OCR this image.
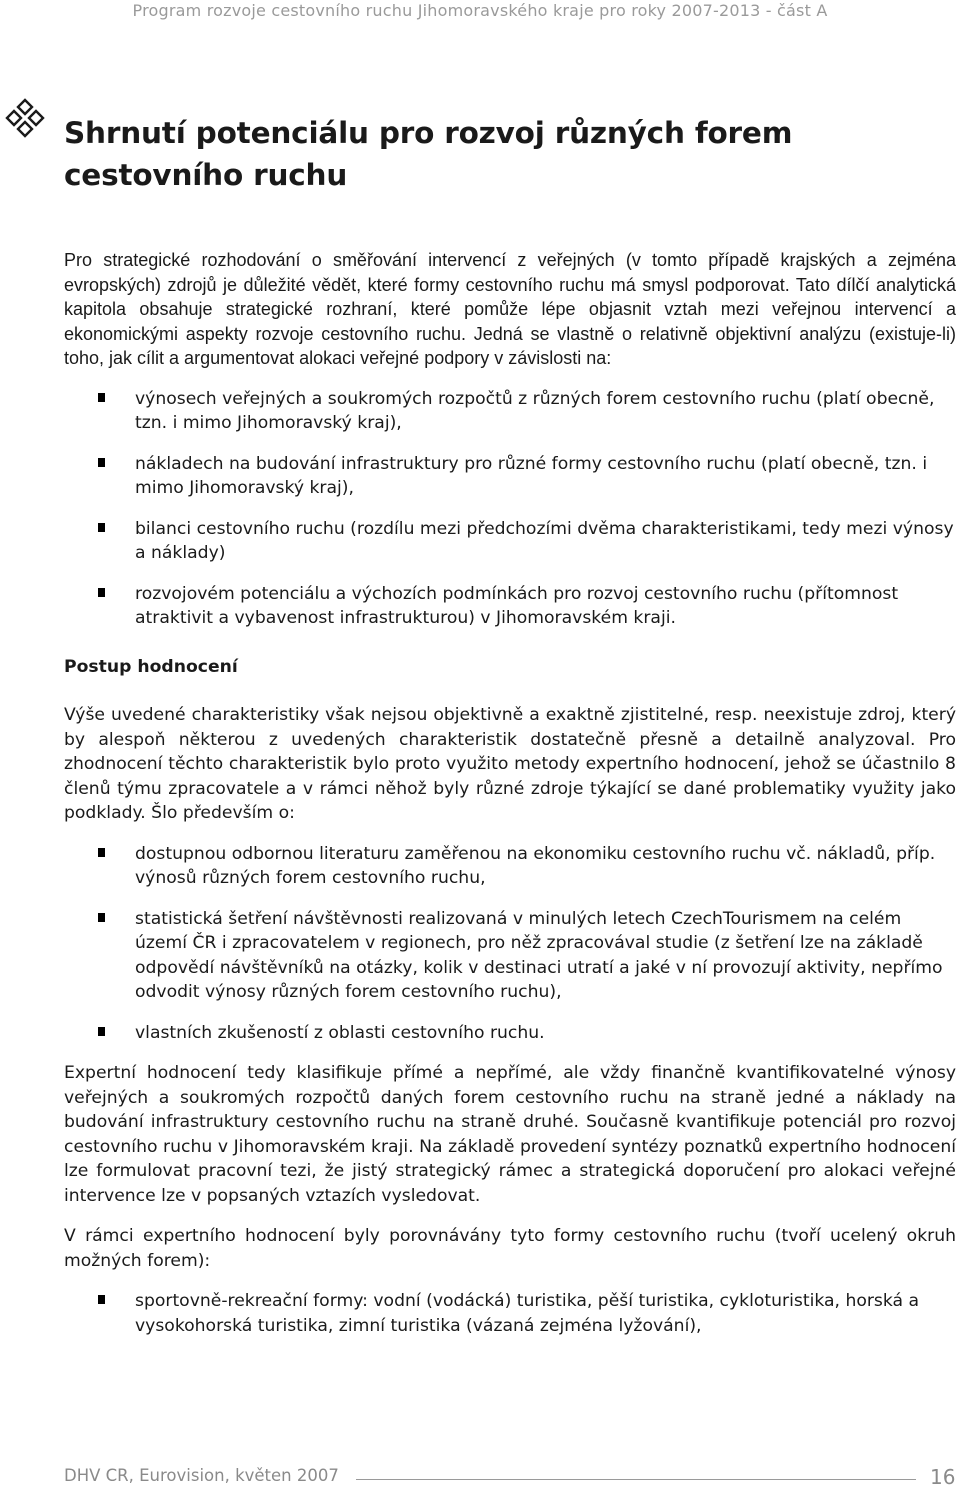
Program rozvoje cestovního ruchu Jihomoravského kraje pro roky 2007-2013 - část A
Shrnutí potenciálu pro rozvoj různých forem cestovního ruchu

Pro strategické rozhodování o směřování intervencí z veřejných (v tomto případě krajských a zejména evropských) zdrojů je důležité vědět, které formy cestovního ruchu má smysl podporovat. Tato dílčí analytická kapitola obsahuje strategické rozhraní, které pomůže lépe objasnit vztah mezi veřejnou intervencí a ekonomickými aspekty rozvoje cestovního ruchu. Jedná se vlastně o relativně objektivní analýzu (existuje-li) toho, jak cílit a argumentovat alokaci veřejné podpory v závislosti na:

výnosech veřejných a soukromých rozpočtů z různých forem cestovního ruchu (platí obecně, tzn. i mimo Jihomoravský kraj),
nákladech na budování infrastruktury pro různé formy cestovního ruchu (platí obecně, tzn. i mimo Jihomoravský kraj),
bilanci cestovního ruchu (rozdílu mezi předchozími dvěma charakteristikami, tedy mezi výnosy a náklady)
rozvojovém potenciálu a výchozích podmínkách pro rozvoj cestovního ruchu (přítomnost atraktivit a vybavenost infrastrukturou) v Jihomoravském kraji.

Postup hodnocení

Výše uvedené charakteristiky však nejsou objektivně a exaktně zjistitelné, resp. neexistuje zdroj, který by alespoň některou z uvedených charakteristik dostatečně přesně a detailně analyzoval. Pro zhodnocení těchto charakteristik bylo proto využito metody expertního hodnocení, jehož se účastnilo 8 členů týmu zpracovatele a v rámci něhož byly různé zdroje týkající se dané problematiky využity jako podklady. Šlo především o:

dostupnou odbornou literaturu zaměřenou na ekonomiku cestovního ruchu vč. nákladů, příp. výnosů různých forem cestovního ruchu,
statistická šetření návštěvnosti realizovaná v minulých letech CzechTourismem na celém území ČR i zpracovatelem v regionech, pro něž zpracovával studie (z šetření lze na základě odpovědí návštěvníků na otázky, kolik v destinaci utratí a jaké v ní provozují aktivity, nepřímo odvodit výnosy různých forem cestovního ruchu),
vlastních zkušeností z oblasti cestovního ruchu.

Expertní hodnocení tedy klasifikuje přímé a nepřímé, ale vždy finančně kvantifikovatelné výnosy veřejných a soukromých rozpočtů daných forem cestovního ruchu na straně jedné a náklady na budování infrastruktury cestovního ruchu na straně druhé. Současně kvantifikuje potenciál pro rozvoj cestovního ruchu v Jihomoravském kraji. Na základě provedení syntézy poznatků expertního hodnocení lze formulovat pracovní tezi, že jistý strategický rámec a strategická doporučení pro alokaci veřejné intervence lze v popsaných vztazích vysledovat.

V rámci expertního hodnocení byly porovnávány tyto formy cestovního ruchu (tvoří ucelený okruh možných forem):

sportovně-rekreační formy: vodní (vodácká) turistika, pěší turistika, cykloturistika, horská a vysokohorská turistika, zimní turistika (vázaná zejména lyžování),
DHV CR, Eurovision, květen 2007	16
